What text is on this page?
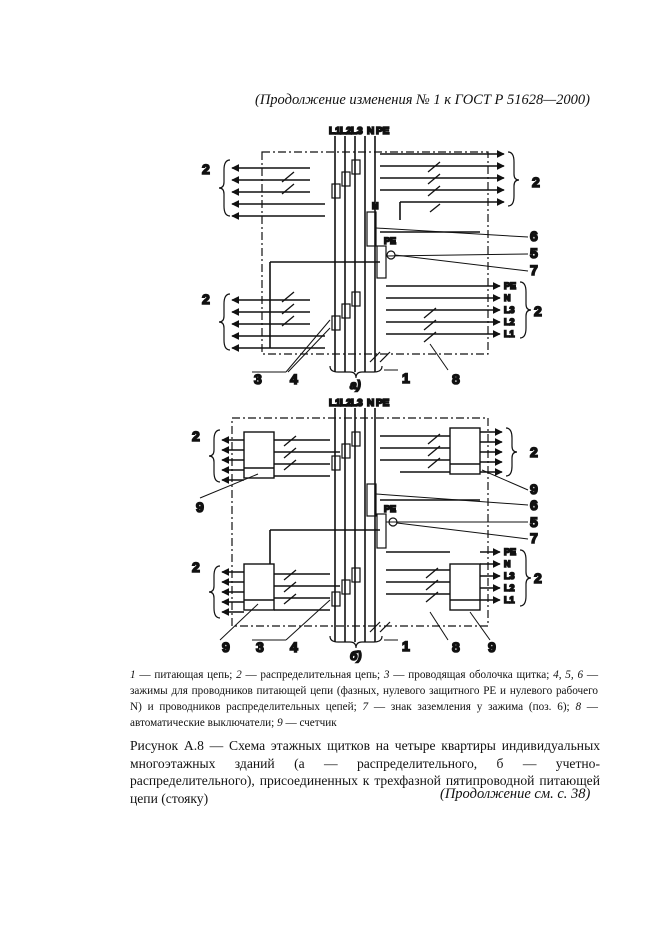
(Продолжение изменения № 1 к ГОСТ Р 51628—2000)
L1 L2 L3 N PE
N
PE
PE
N
L3
L2
L1
а)
2
2
2
2
6
5
7
3 4	1	8
L1 L2 L3 N PE
PE
PE
N
L3
L2
L1
б)
2
2
9
9
6
5
7
2
2
9 3 4	1	8 9
1 — питающая цепь; 2 — распределительная цепь; 3 — проводящая оболочка щитка; 4, 5, 6 — зажимы для проводников питающей цепи (фазных, нулевого защитного PE и нулевого рабочего N) и проводников распределительных цепей; 7 — знак заземления у зажима (поз. 6); 8 — автоматические выключатели; 9 — счетчик
Рисунок А.8 — Схема этажных щитков на четыре квартиры индивидуальных многоэтажных зданий (а — распределительного, б — учетно-распределительного), присоединенных к трехфазной пятипроводной питающей цепи (стояку)	(Продолжение см. с. 38)
